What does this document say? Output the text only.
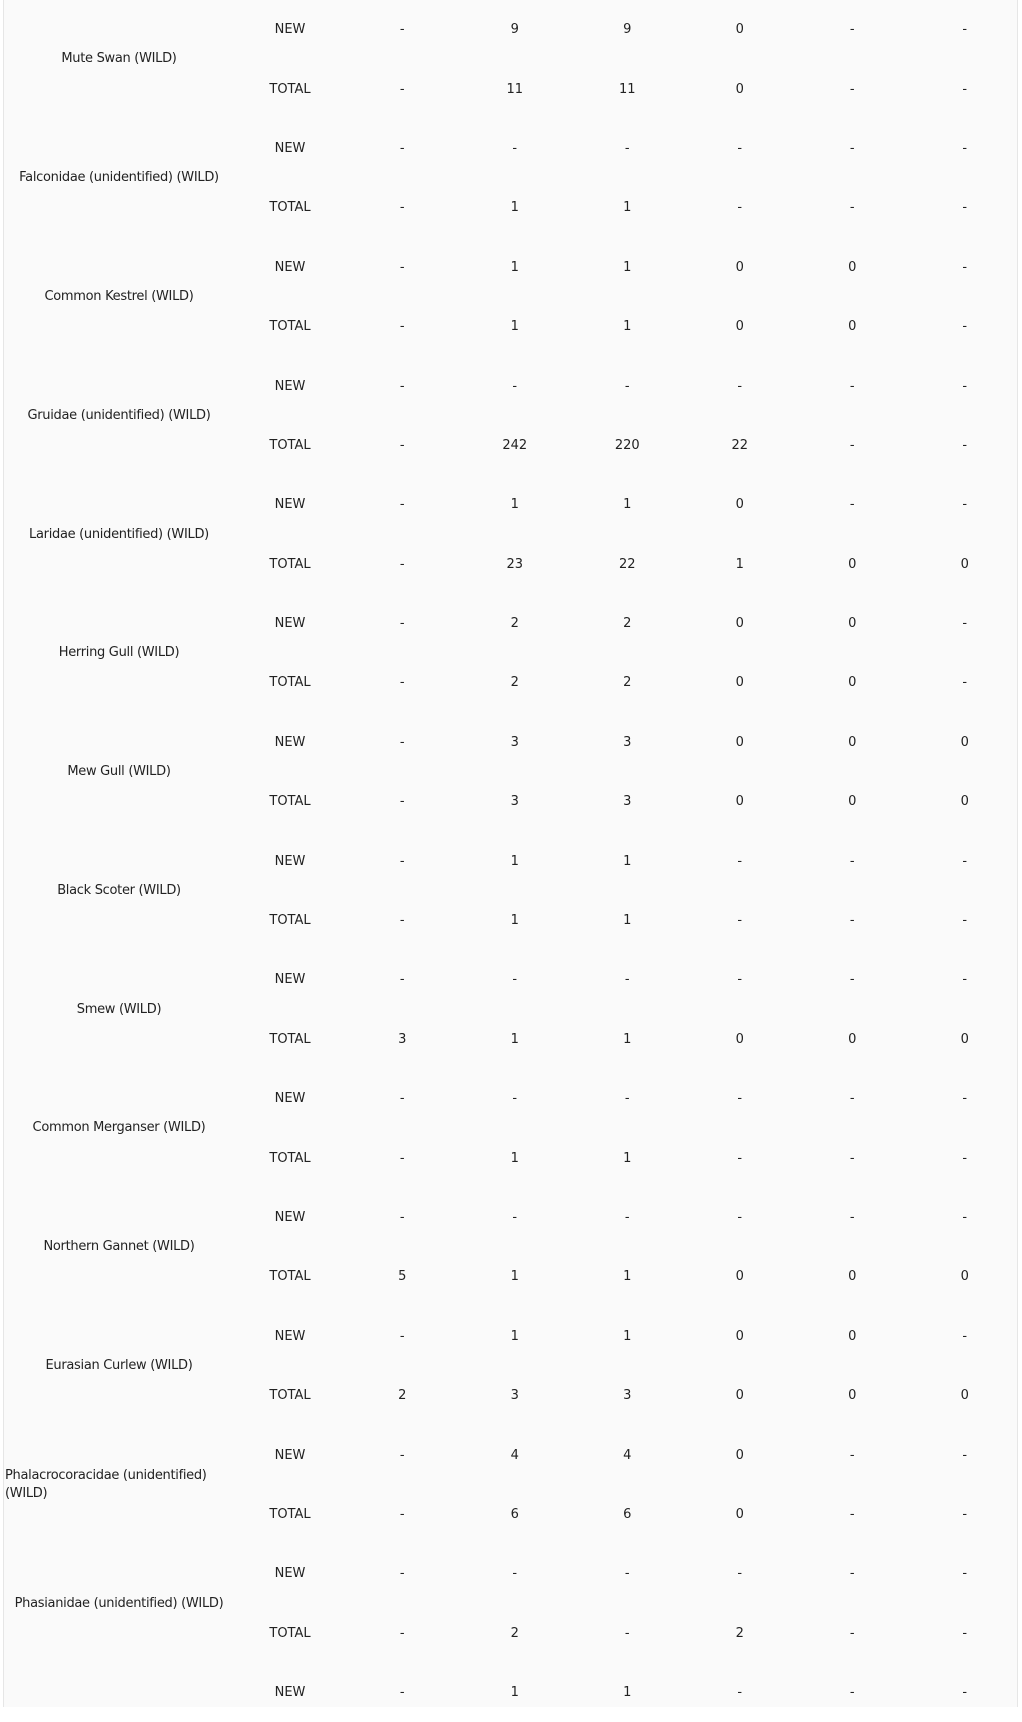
Mute Swan (WILD)	NEW	-	9	9	0	-	-
	TOTAL	-	11	11	0	-	-
Falconidae (unidentified) (WILD)	NEW	-	-	-	-	-	-
	TOTAL	-	1	1	-	-	-
Common Kestrel (WILD)	NEW	-	1	1	0	0	-
	TOTAL	-	1	1	0	0	-
Gruidae (unidentified) (WILD)	NEW	-	-	-	-	-	-
	TOTAL	-	242	220	22	-	-
Laridae (unidentified) (WILD)	NEW	-	1	1	0	-	-
	TOTAL	-	23	22	1	0	0
Herring Gull (WILD)	NEW	-	2	2	0	0	-
	TOTAL	-	2	2	0	0	-
Mew Gull (WILD)	NEW	-	3	3	0	0	0
	TOTAL	-	3	3	0	0	0
Black Scoter (WILD)	NEW	-	1	1	-	-	-
	TOTAL	-	1	1	-	-	-
Smew (WILD)	NEW	-	-	-	-	-	-
	TOTAL	3	1	1	0	0	0
Common Merganser (WILD)	NEW	-	-	-	-	-	-
	TOTAL	-	1	1	-	-	-
Northern Gannet (WILD)	NEW	-	-	-	-	-	-
	TOTAL	5	1	1	0	0	0
Eurasian Curlew (WILD)	NEW	-	1	1	0	0	-
	TOTAL	2	3	3	0	0	0
Phalacrocoracidae (unidentified) (WILD)	NEW	-	4	4	0	-	-
	TOTAL	-	6	6	0	-	-
Phasianidae (unidentified) (WILD)	NEW	-	-	-	-	-	-
	TOTAL	-	2	-	2	-	-
	NEW	-	1	1	-	-	-
